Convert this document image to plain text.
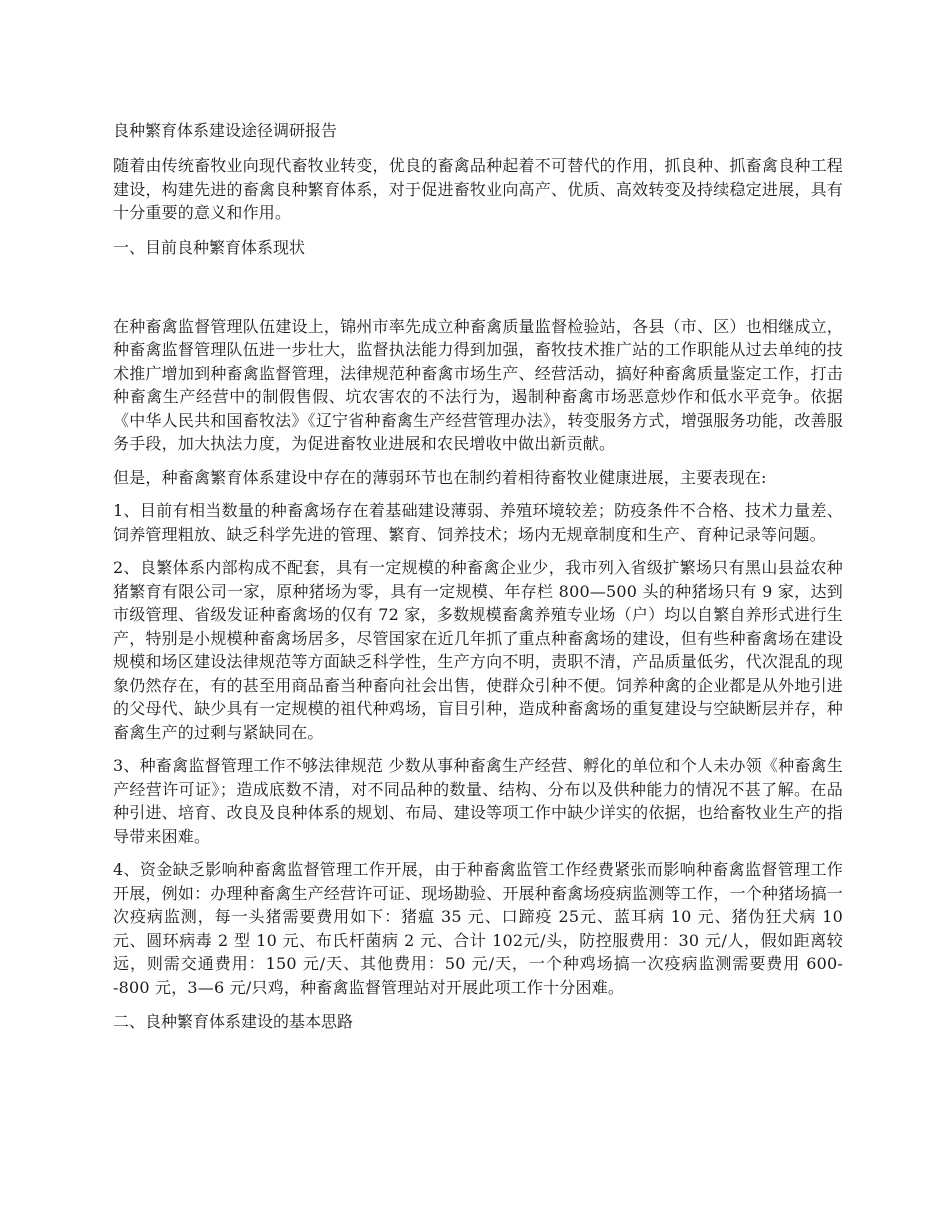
良种繁育体系建设途径调研报告

随着由传统畜牧业向现代畜牧业转变，优良的畜禽品种起着不可替代的作用，抓良种、抓畜禽良种工程建设，构建先进的畜禽良种繁育体系，对于促进畜牧业向高产、优质、高效转变及持续稳定进展，具有十分重要的意义和作用。

一、目前良种繁育体系现状

在种畜禽监督管理队伍建设上，锦州市率先成立种畜禽质量监督检验站，各县（市、区）也相继成立，种畜禽监督管理队伍进一步壮大，监督执法能力得到加强，畜牧技术推广站的工作职能从过去单纯的技术推广增加到种畜禽监督管理，法律规范种畜禽市场生产、经营活动，搞好种畜禽质量鉴定工作，打击种畜禽生产经营中的制假售假、坑农害农的不法行为，遏制种畜禽市场恶意炒作和低水平竞争。依据《中华人民共和国畜牧法》《辽宁省种畜禽生产经营管理办法》，转变服务方式，增强服务功能，改善服务手段，加大执法力度，为促进畜牧业进展和农民增收中做出新贡献。

但是，种畜禽繁育体系建设中存在的薄弱环节也在制约着相待畜牧业健康进展，主要表现在:

1、目前有相当数量的种畜禽场存在着基础建设薄弱、养殖环境较差；防疫条件不合格、技术力量差、饲养管理粗放、缺乏科学先进的管理、繁育、饲养技术；场内无规章制度和生产、育种记录等问题。

2、良繁体系内部构成不配套，具有一定规模的种畜禽企业少，我市列入省级扩繁场只有黑山县益农种猪繁育有限公司一家，原种猪场为零，具有一定规模、年存栏 800—500 头的种猪场只有 9 家，达到市级管理、省级发证种畜禽场的仅有 72 家，多数规模畜禽养殖专业场（户）均以自繁自养形式进行生产，特别是小规模种畜禽场居多，尽管国家在近几年抓了重点种畜禽场的建设，但有些种畜禽场在建设规模和场区建设法律规范等方面缺乏科学性，生产方向不明，责职不清，产品质量低劣，代次混乱的现象仍然存在，有的甚至用商品畜当种畜向社会出售，使群众引种不便。饲养种禽的企业都是从外地引进的父母代、缺少具有一定规模的祖代种鸡场，盲目引种，造成种畜禽场的重复建设与空缺断层并存，种畜禽生产的过剩与紧缺同在。

3、种畜禽监督管理工作不够法律规范 少数从事种畜禽生产经营、孵化的单位和个人未办领《种畜禽生产经营许可证》；造成底数不清，对不同品种的数量、结构、分布以及供种能力的情况不甚了解。在品种引进、培育、改良及良种体系的规划、布局、建设等项工作中缺少详实的依据，也给畜牧业生产的指导带来困难。

4、资金缺乏影响种畜禽监督管理工作开展，由于种畜禽监管工作经费紧张而影响种畜禽监督管理工作开展，例如：办理种畜禽生产经营许可证、现场勘验、开展种畜禽场疫病监测等工作，一个种猪场搞一次疫病监测，每一头猪需要费用如下：猪瘟 35 元、口蹄疫 25元、蓝耳病 10 元、猪伪狂犬病 10 元、圆环病毒 2 型 10 元、布氏杆菌病 2 元、合计 102元/头，防控服费用：30 元/人，假如距离较远，则需交通费用：150 元/天、其他费用：50 元/天，一个种鸡场搞一次疫病监测需要费用 600--800 元，3—6 元/只鸡，种畜禽监督管理站对开展此项工作十分困难。

二、良种繁育体系建设的基本思路
